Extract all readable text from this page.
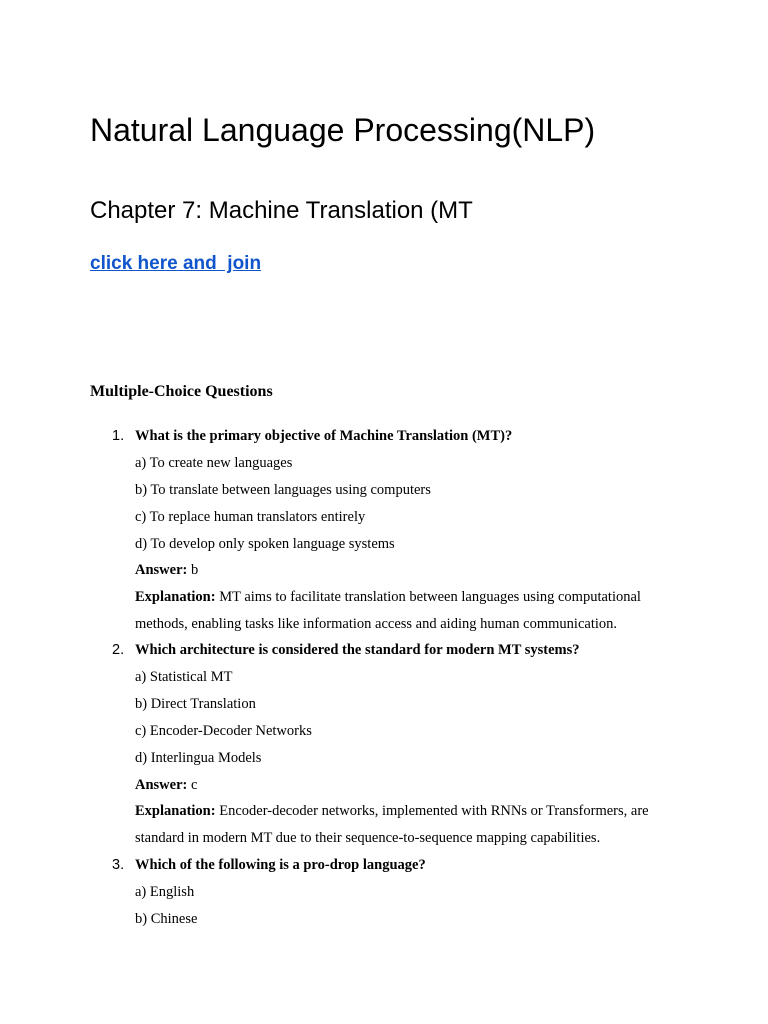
Natural Language Processing(NLP)
Chapter 7: Machine Translation (MT
click here and  join
Multiple-Choice Questions
1. What is the primary objective of Machine Translation (MT)?
a) To create new languages
b) To translate between languages using computers
c) To replace human translators entirely
d) To develop only spoken language systems
Answer: b
Explanation: MT aims to facilitate translation between languages using computational
methods, enabling tasks like information access and aiding human communication.
2. Which architecture is considered the standard for modern MT systems?
a) Statistical MT
b) Direct Translation
c) Encoder-Decoder Networks
d) Interlingua Models
Answer: c
Explanation: Encoder-decoder networks, implemented with RNNs or Transformers, are
standard in modern MT due to their sequence-to-sequence mapping capabilities.
3. Which of the following is a pro-drop language?
a) English
b) Chinese
